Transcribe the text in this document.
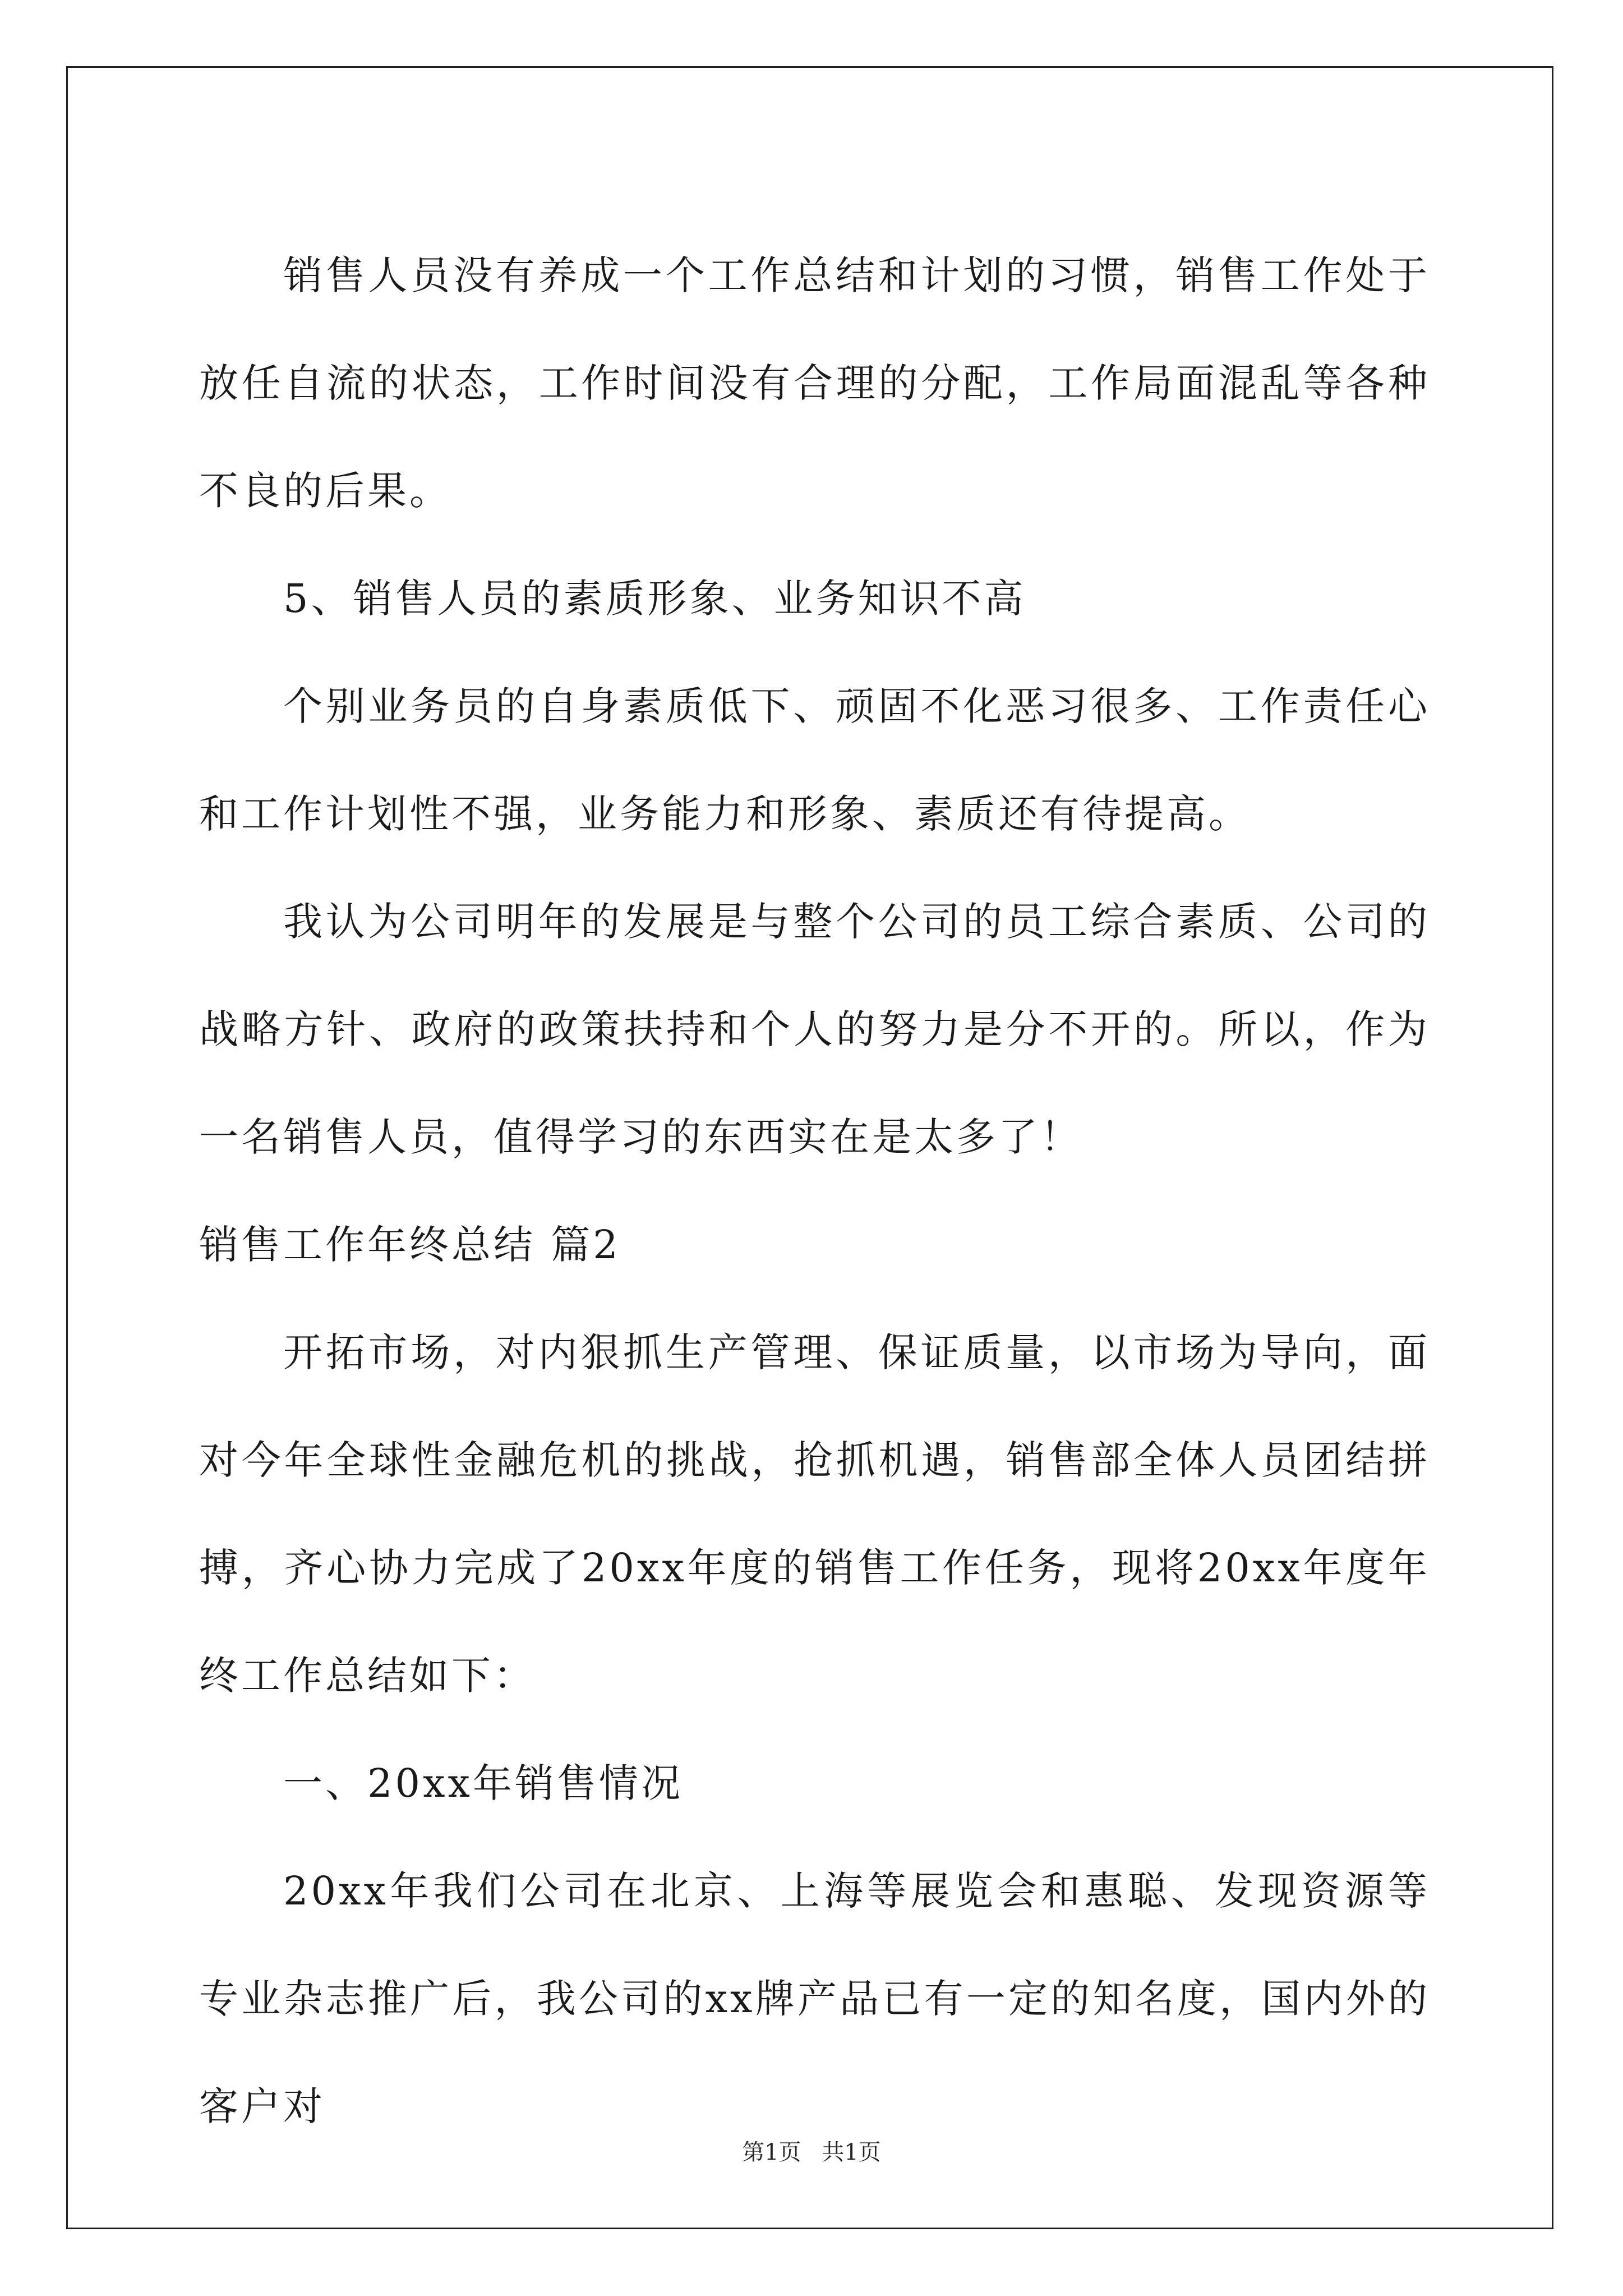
销售人员没有养成一个工作总结和计划的习惯，销售工作处于放任自流的状态，工作时间没有合理的分配，工作局面混乱等各种不良的后果。

5、销售人员的素质形象、业务知识不高

个别业务员的自身素质低下、顽固不化恶习很多、工作责任心和工作计划性不强，业务能力和形象、素质还有待提高。

我认为公司明年的发展是与整个公司的员工综合素质、公司的战略方针、政府的政策扶持和个人的努力是分不开的。所以，作为一名销售人员，值得学习的东西实在是太多了！

销售工作年终总结 篇2

开拓市场，对内狠抓生产管理、保证质量，以市场为导向，面对今年全球性金融危机的挑战，抢抓机遇，销售部全体人员团结拼搏，齐心协力完成了20xx年度的销售工作任务，现将20xx年度年终工作总结如下：

一、20xx年销售情况

20xx年我们公司在北京、上海等展览会和惠聪、发现资源等专业杂志推广后，我公司的xx牌产品已有一定的知名度，国内外的客户对

第1页 共1页
